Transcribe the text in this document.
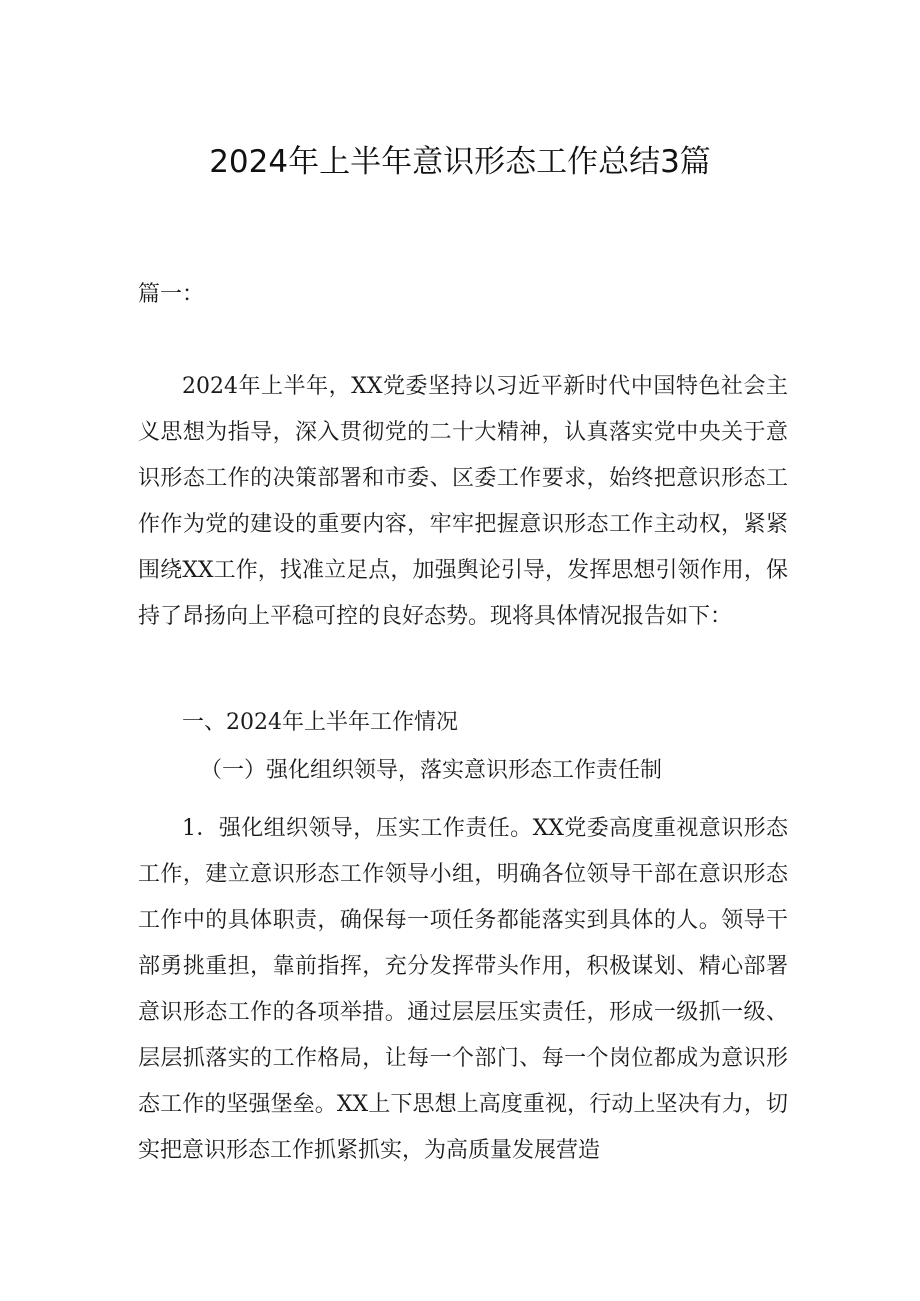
2024年上半年意识形态工作总结3篇

篇一：

2024年上半年，XX党委坚持以习近平新时代中国特色社会主义思想为指导，深入贯彻党的二十大精神，认真落实党中央关于意识形态工作的决策部署和市委、区委工作要求，始终把意识形态工作作为党的建设的重要内容，牢牢把握意识形态工作主动权，紧紧围绕XX工作，找准立足点，加强舆论引导，发挥思想引领作用，保持了昂扬向上平稳可控的良好态势。现将具体情况报告如下：

一、2024年上半年工作情况

（一）强化组织领导，落实意识形态工作责任制

1．强化组织领导，压实工作责任。XX党委高度重视意识形态工作，建立意识形态工作领导小组，明确各位领导干部在意识形态工作中的具体职责，确保每一项任务都能落实到具体的人。领导干部勇挑重担，靠前指挥，充分发挥带头作用，积极谋划、精心部署意识形态工作的各项举措。通过层层压实责任，形成一级抓一级、层层抓落实的工作格局，让每一个部门、每一个岗位都成为意识形态工作的坚强堡垒。XX上下思想上高度重视，行动上坚决有力，切实把意识形态工作抓紧抓实，为高质量发展营造
